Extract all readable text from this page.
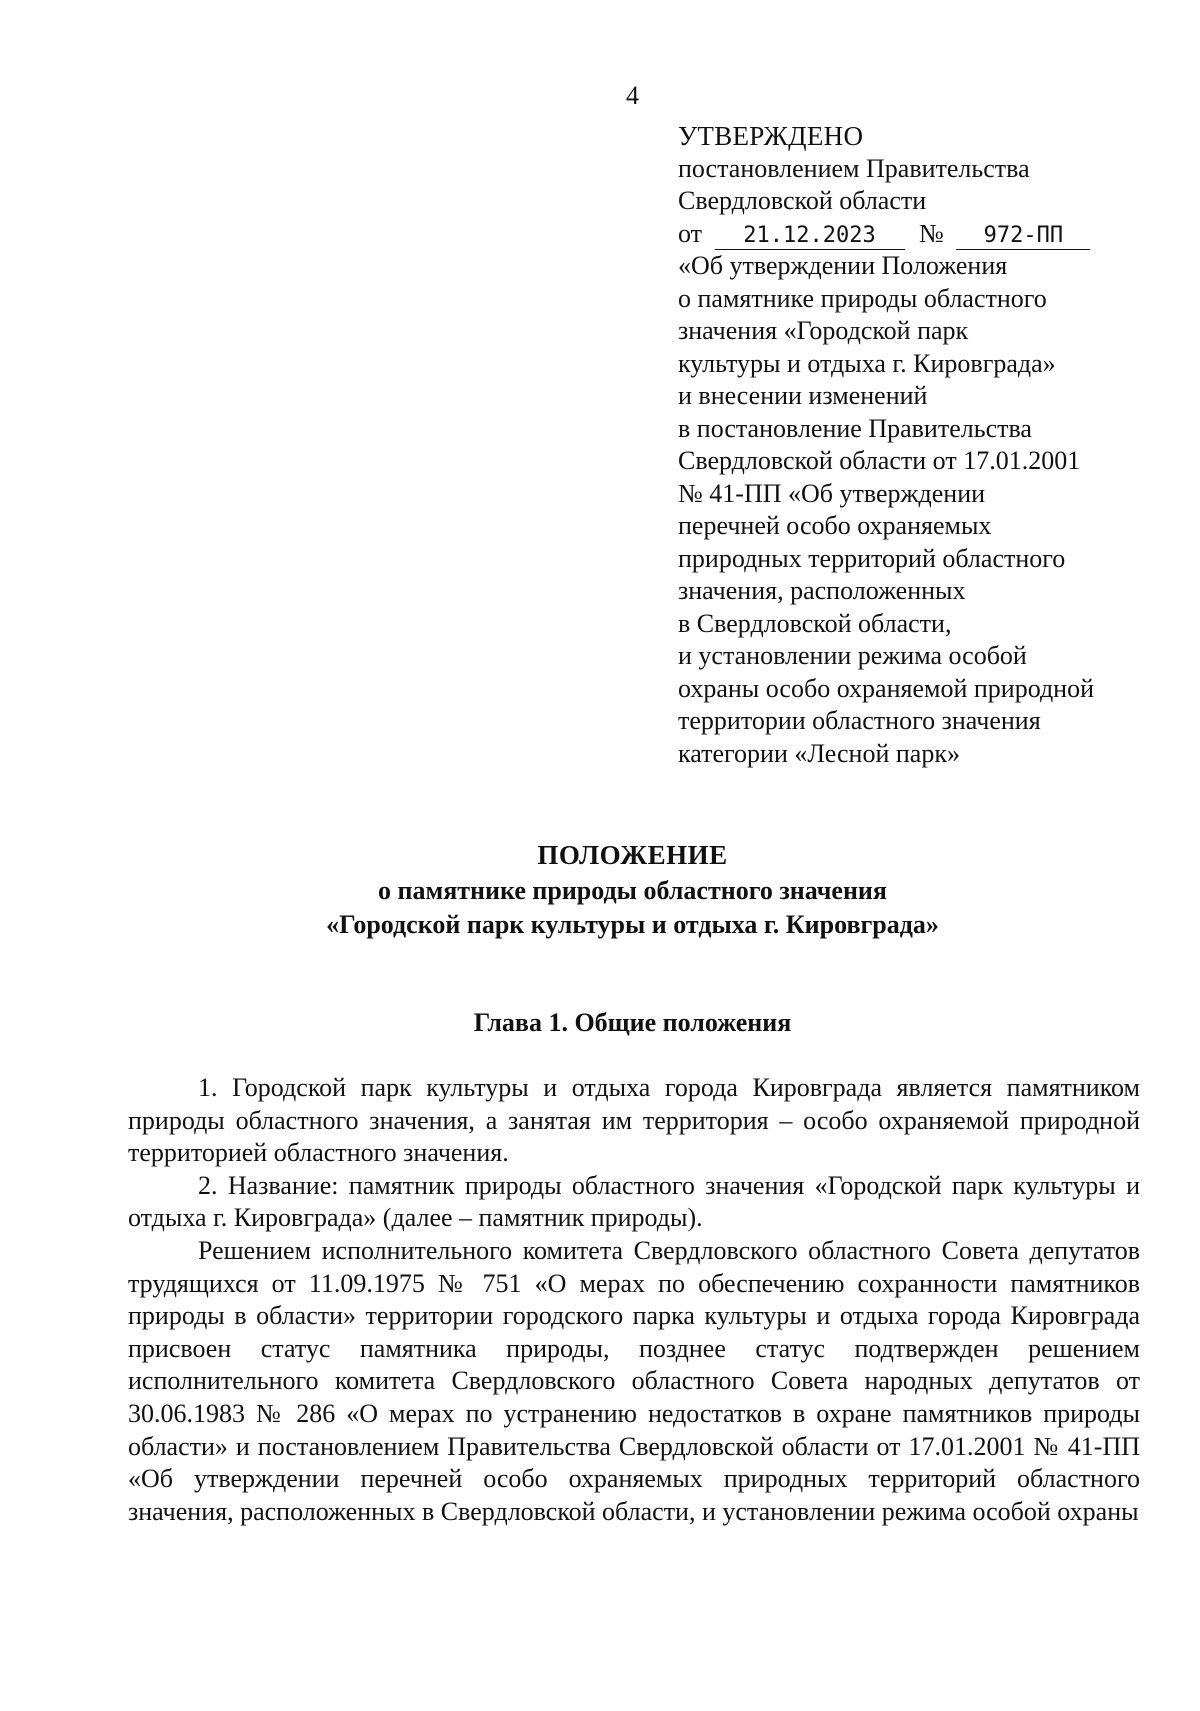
4
УТВЕРЖДЕНО
постановлением Правительства
Свердловской области
от 21.12.2023 № 972-ПП
«Об утверждении Положения
о памятнике природы областного
значения «Городской парк
культуры и отдыха г. Кировграда»
и внесении изменений
в постановление Правительства
Свердловской области от 17.01.2001
№ 41-ПП «Об утверждении
перечней особо охраняемых
природных территорий областного
значения, расположенных
в Свердловской области,
и установлении режима особой
охраны особо охраняемой природной
территории областного значения
категории «Лесной парк»
ПОЛОЖЕНИЕ
о памятнике природы областного значения
«Городской парк культуры и отдыха г. Кировграда»
Глава 1. Общие положения

1. Городской парк культуры и отдыха города Кировграда является памятником природы областного значения, а занятая им территория – особо охраняемой природной территорией областного значения.

2. Название: памятник природы областного значения «Городской парк культуры и отдыха г. Кировграда» (далее – памятник природы).

Решением исполнительного комитета Свердловского областного Совета депутатов трудящихся от 11.09.1975 № 751 «О мерах по обеспечению сохранности памятников природы в области» территории городского парка культуры и отдыха города Кировграда присвоен статус памятника природы, позднее статус подтвержден решением исполнительного комитета Свердловского областного Совета народных депутатов от 30.06.1983 № 286 «О мерах по устранению недостатков в охране памятников природы области» и постановлением Правительства Свердловской области от 17.01.2001 № 41-ПП «Об утверждении перечней особо охраняемых природных территорий областного значения, расположенных в Свердловской области, и установлении режима особой охраны
